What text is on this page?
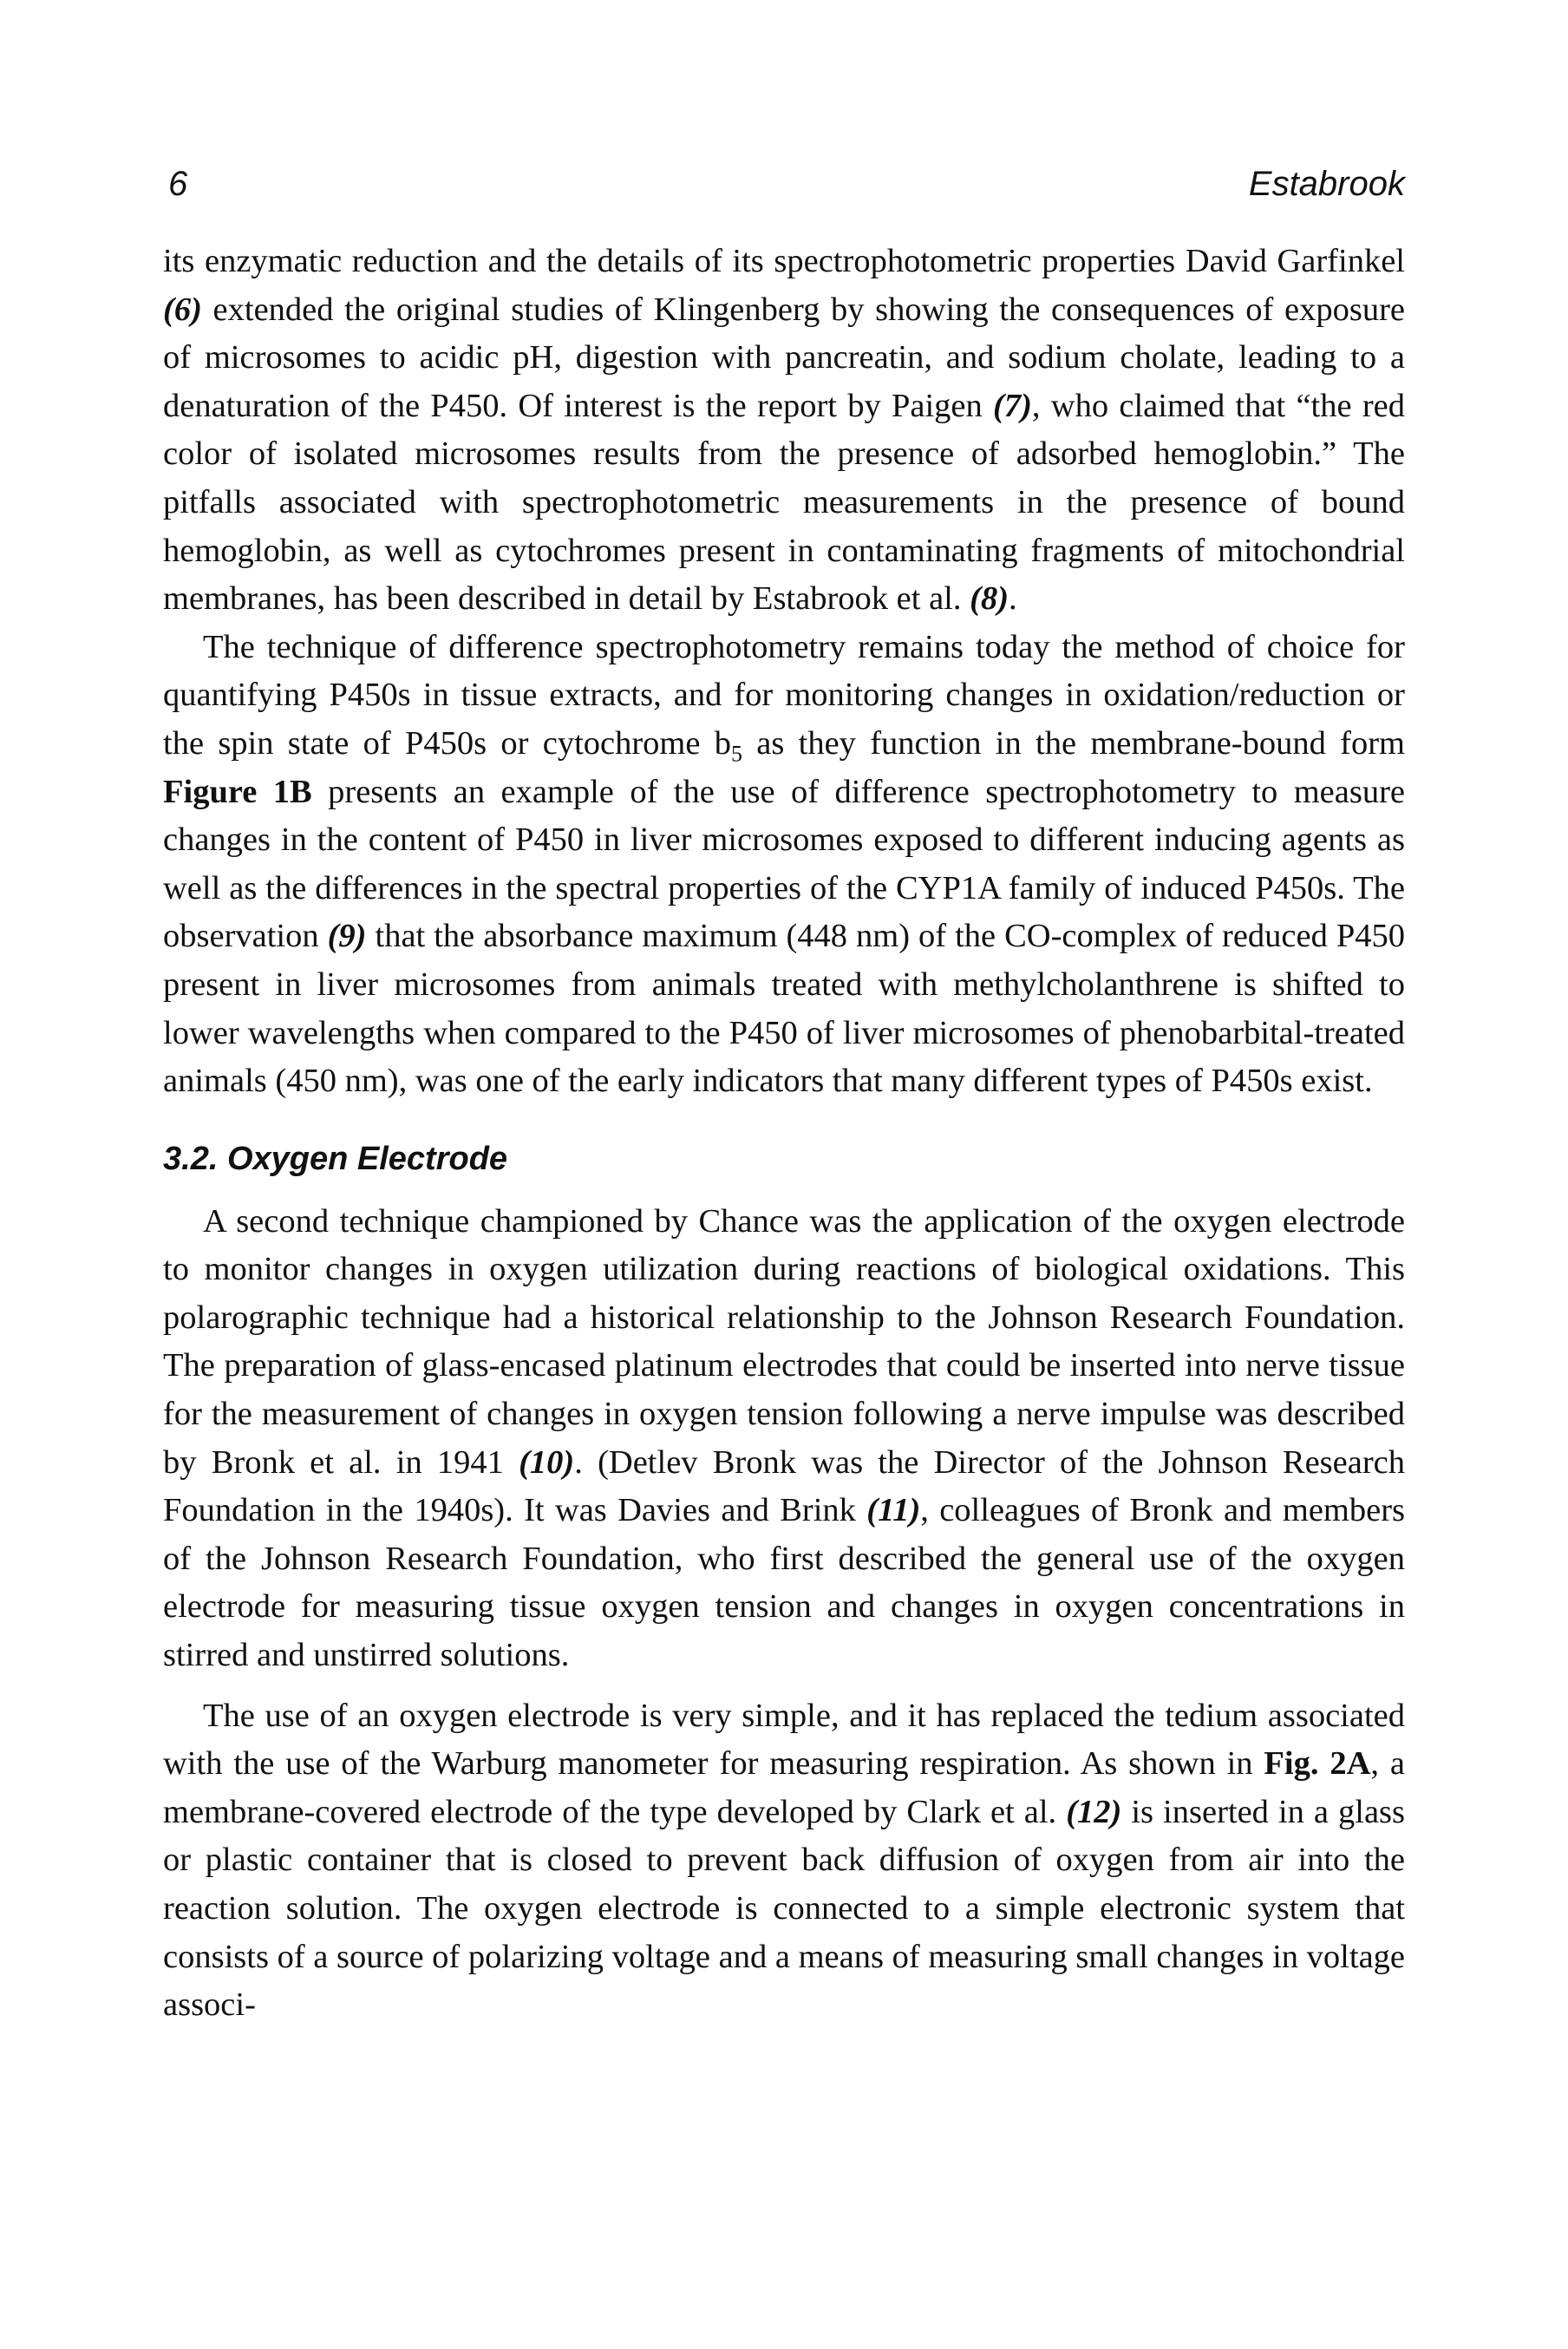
6	Estabrook

its enzymatic reduction and the details of its spectrophotometric properties David Garfinkel (6) extended the original studies of Klingenberg by showing the consequences of exposure of microsomes to acidic pH, digestion with pancreatin, and sodium cholate, leading to a denaturation of the P450. Of interest is the report by Paigen (7), who claimed that “the red color of isolated microsomes results from the presence of adsorbed hemoglobin.” The pitfalls associated with spectrophotometric measurements in the presence of bound hemoglobin, as well as cytochromes present in contaminating fragments of mitochondrial membranes, has been described in detail by Estabrook et al. (8).

The technique of difference spectrophotometry remains today the method of choice for quantifying P450s in tissue extracts, and for monitoring changes in oxidation/reduction or the spin state of P450s or cytochrome $b_5$ as they function in the membrane-bound form Figure 1B presents an example of the use of difference spectrophotometry to measure changes in the content of P450 in liver microsomes exposed to different inducing agents as well as the differences in the spectral properties of the CYP1A family of induced P450s. The observation (9) that the absorbance maximum (448 nm) of the CO-complex of reduced P450 present in liver microsomes from animals treated with methylcholanthrene is shifted to lower wavelengths when compared to the P450 of liver microsomes of phenobarbital-treated animals (450 nm), was one of the early indicators that many different types of P450s exist.

3.2. Oxygen Electrode

A second technique championed by Chance was the application of the oxygen electrode to monitor changes in oxygen utilization during reactions of biological oxidations. This polarographic technique had a historical relationship to the Johnson Research Foundation. The preparation of glass-encased platinum electrodes that could be inserted into nerve tissue for the measurement of changes in oxygen tension following a nerve impulse was described by Bronk et al. in 1941 (10). (Detlev Bronk was the Director of the Johnson Research Foundation in the 1940s). It was Davies and Brink (11), colleagues of Bronk and members of the Johnson Research Foundation, who first described the general use of the oxygen electrode for measuring tissue oxygen tension and changes in oxygen concentrations in stirred and unstirred solutions.

The use of an oxygen electrode is very simple, and it has replaced the tedium associated with the use of the Warburg manometer for measuring respiration. As shown in Fig. 2A, a membrane-covered electrode of the type developed by Clark et al. (12) is inserted in a glass or plastic container that is closed to prevent back diffusion of oxygen from air into the reaction solution. The oxygen electrode is connected to a simple electronic system that consists of a source of polarizing voltage and a means of measuring small changes in voltage associ-
